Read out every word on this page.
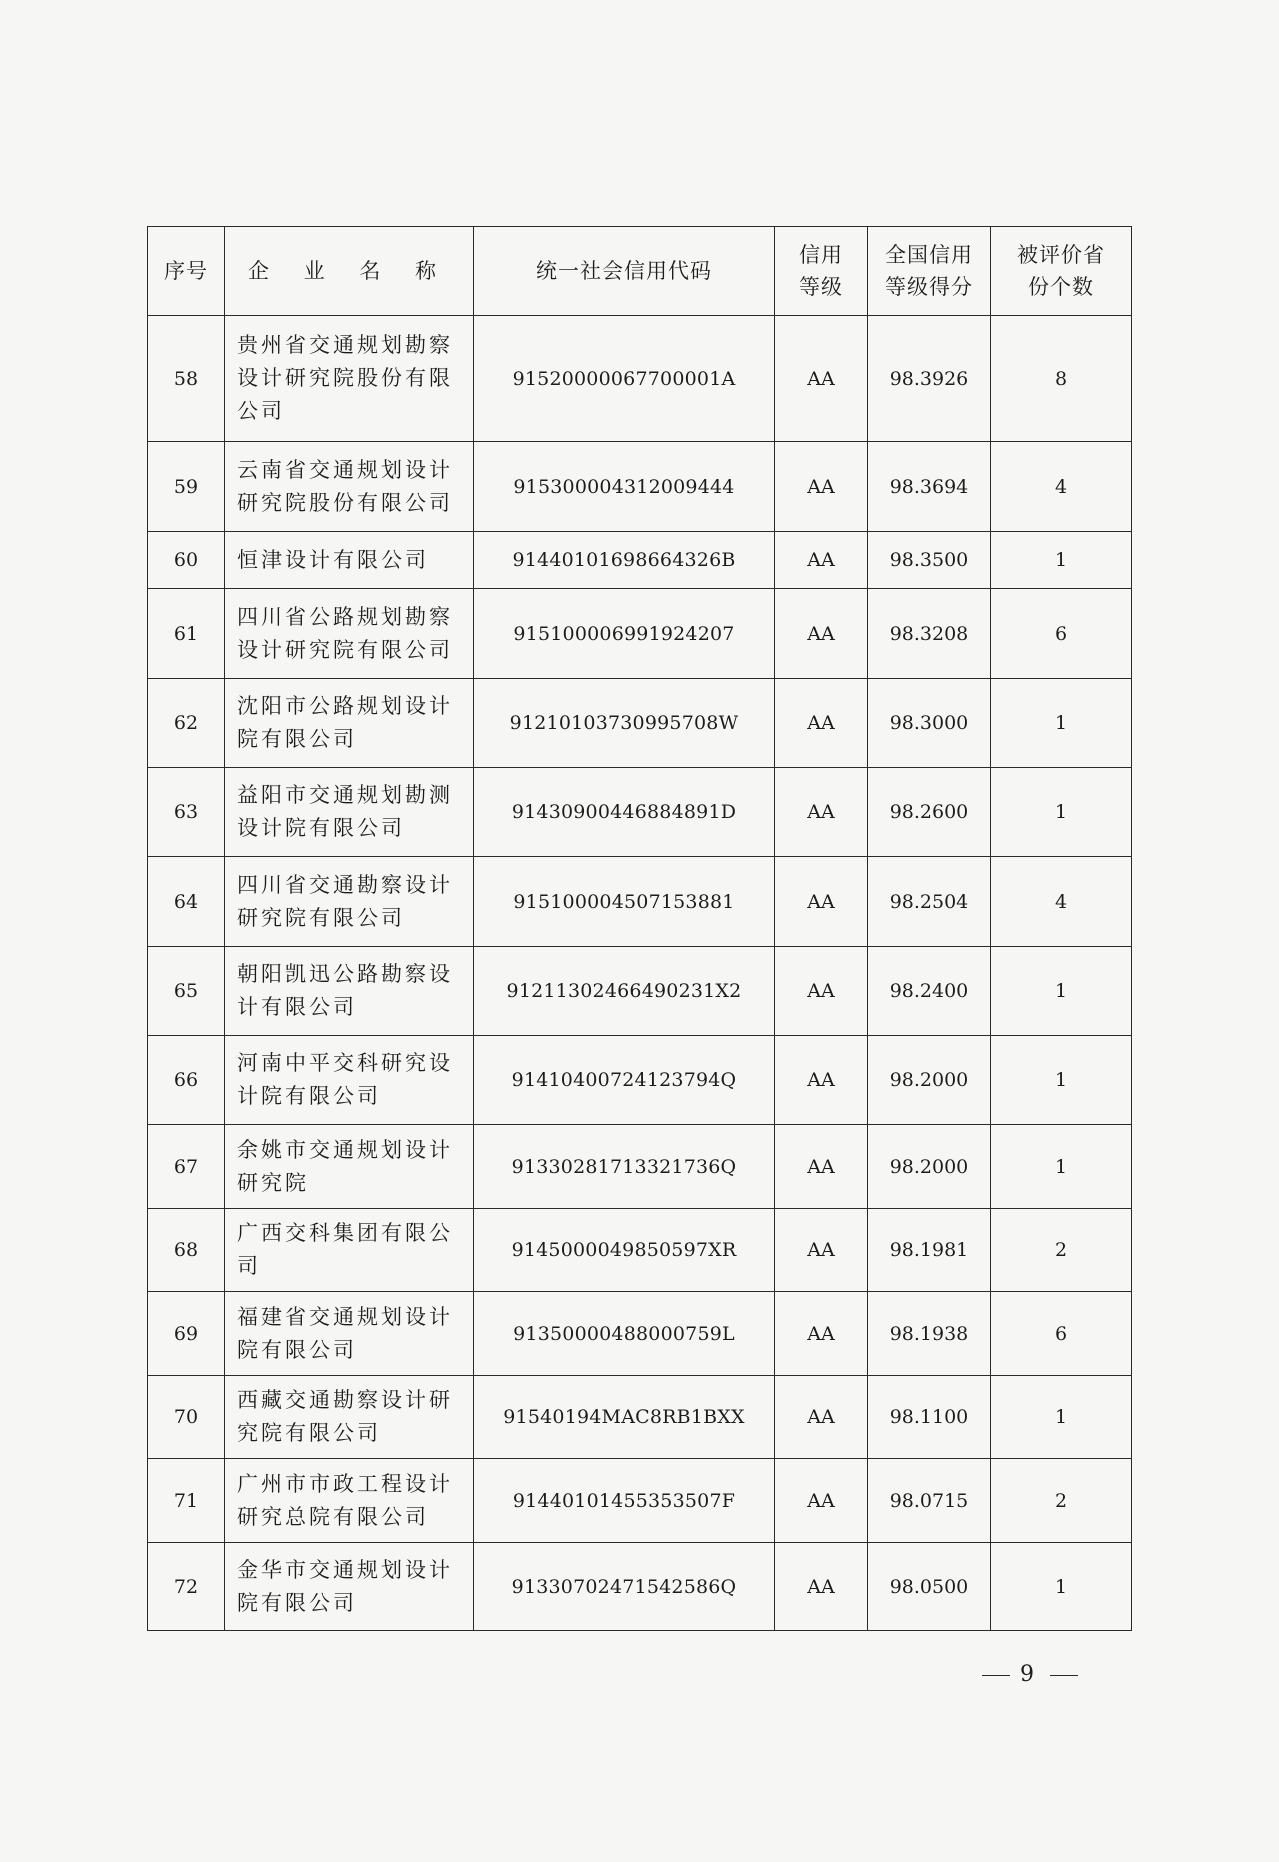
序号	企 业 名 称	统一社会信用代码	信用等级	全国信用等级得分	被评价省份个数

58	贵州省交通规划勘察设计研究院股份有限公司	91520000067700001A	AA	98.3926	8
59	云南省交通规划设计研究院股份有限公司	915300004312009444	AA	98.3694	4
60	恒津设计有限公司	91440101698664326B	AA	98.3500	1
61	四川省公路规划勘察设计研究院有限公司	915100006991924207	AA	98.3208	6
62	沈阳市公路规划设计院有限公司	91210103730995708W	AA	98.3000	1
63	益阳市交通规划勘测设计院有限公司	91430900446884891D	AA	98.2600	1
64	四川省交通勘察设计研究院有限公司	915100004507153881	AA	98.2504	4
65	朝阳凯迅公路勘察设计有限公司	91211302466490231X2	AA	98.2400	1
66	河南中平交科研究设计院有限公司	91410400724123794Q	AA	98.2000	1
67	余姚市交通规划设计研究院	91330281713321736Q	AA	98.2000	1
68	广西交科集团有限公司	9145000049850597XR	AA	98.1981	2
69	福建省交通规划设计院有限公司	91350000488000759L	AA	98.1938	6
70	西藏交通勘察设计研究院有限公司	91540194MAC8RB1BXX	AA	98.1100	1
71	广州市市政工程设计研究总院有限公司	91440101455353507F	AA	98.0715	2
72	金华市交通规划设计院有限公司	91330702471542586Q	AA	98.0500	1
9
